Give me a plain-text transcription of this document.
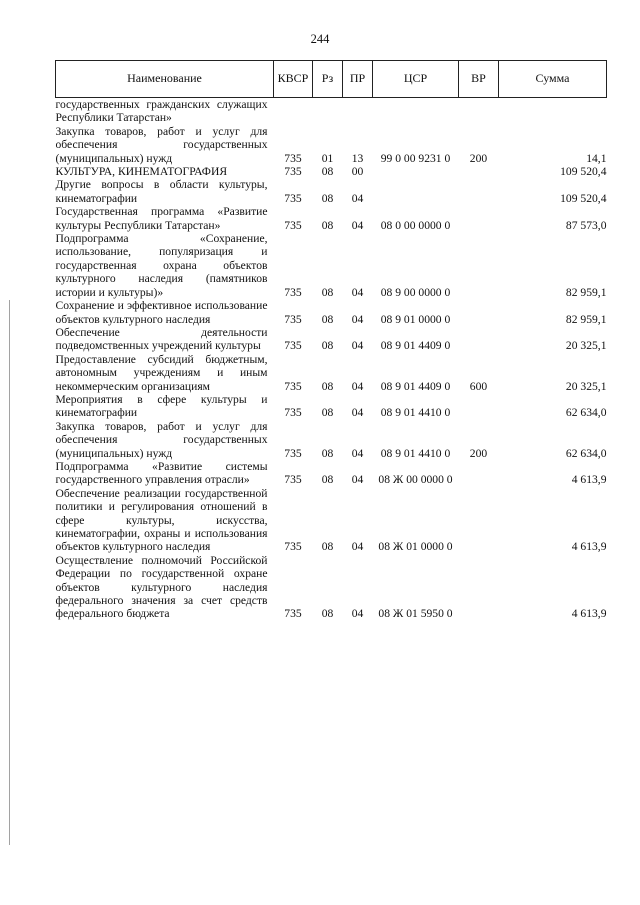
244
Наименование	КВСР	Рз	ПР	ЦСР	ВР	Сумма
государственных гражданских служащих Республики Татарстан»						
Закупка товаров, работ и услуг для обеспечения государственных (муниципальных) нужд	735	01	13	99 0 00 9231 0	200	14,1
КУЛЬТУРА, КИНЕМАТОГРАФИЯ	735	08	00			109 520,4
Другие вопросы в области культуры, кинематографии	735	08	04			109 520,4
Государственная программа «Развитие культуры Республики Татарстан»	735	08	04	08 0 00 0000 0		87 573,0
Подпрограмма «Сохранение, использование, популяризация и государственная охрана объектов культурного наследия (памятников истории и культуры)»	735	08	04	08 9 00 0000 0		82 959,1
Сохранение и эффективное использование объектов культурного наследия	735	08	04	08 9 01 0000 0		82 959,1
Обеспечение деятельности подведомственных учреждений культуры	735	08	04	08 9 01 4409 0		20 325,1
Предоставление субсидий бюджетным, автономным учреждениям и иным некоммерческим организациям	735	08	04	08 9 01 4409 0	600	20 325,1
Мероприятия в сфере культуры и кинематографии	735	08	04	08 9 01 4410 0		62 634,0
Закупка товаров, работ и услуг для обеспечения государственных (муниципальных) нужд	735	08	04	08 9 01 4410 0	200	62 634,0
Подпрограмма «Развитие системы государственного управления отрасли»	735	08	04	08 Ж 00 0000 0		4 613,9
Обеспечение реализации государственной политики и регулирования отношений в сфере культуры, искусства, кинематографии, охраны и использования объектов культурного наследия	735	08	04	08 Ж 01 0000 0		4 613,9
Осуществление полномочий Российской Федерации по государственной охране объектов культурного наследия федерального значения за счет средств федерального бюджета	735	08	04	08 Ж 01 5950 0		4 613,9
